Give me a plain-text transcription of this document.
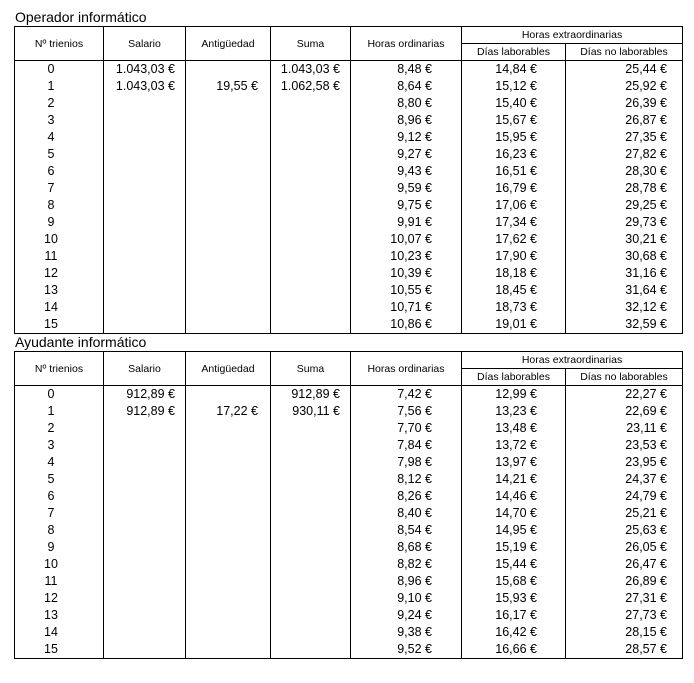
Operador informático
Nº trienios	Salario	Antigüedad	Suma	Horas ordinarias	Horas extraordinarias	
					Días laborables	Días no laborables
0	1.043,03 €		1.043,03 €	8,48 €	14,84 €	25,44 €
1	1.043,03 €	19,55 €	1.062,58 €	8,64 €	15,12 €	25,92 €
2				8,80 €	15,40 €	26,39 €
3				8,96 €	15,67 €	26,87 €
4				9,12 €	15,95 €	27,35 €
5				9,27 €	16,23 €	27,82 €
6				9,43 €	16,51 €	28,30 €
7				9,59 €	16,79 €	28,78 €
8				9,75 €	17,06 €	29,25 €
9				9,91 €	17,34 €	29,73 €
10				10,07 €	17,62 €	30,21 €
11				10,23 €	17,90 €	30,68 €
12				10,39 €	18,18 €	31,16 €
13				10,55 €	18,45 €	31,64 €
14				10,71 €	18,73 €	32,12 €
15				10,86 €	19,01 €	32,59 €
Ayudante informático
Nº trienios	Salario	Antigüedad	Suma	Horas ordinarias	Horas extraordinarias	
					Días laborables	Días no laborables
0	912,89 €		912,89 €	7,42 €	12,99 €	22,27 €
1	912,89 €	17,22 €	930,11 €	7,56 €	13,23 €	22,69 €
2				7,70 €	13,48 €	23,11 €
3				7,84 €	13,72 €	23,53 €
4				7,98 €	13,97 €	23,95 €
5				8,12 €	14,21 €	24,37 €
6				8,26 €	14,46 €	24,79 €
7				8,40 €	14,70 €	25,21 €
8				8,54 €	14,95 €	25,63 €
9				8,68 €	15,19 €	26,05 €
10				8,82 €	15,44 €	26,47 €
11				8,96 €	15,68 €	26,89 €
12				9,10 €	15,93 €	27,31 €
13				9,24 €	16,17 €	27,73 €
14				9,38 €	16,42 €	28,15 €
15				9,52 €	16,66 €	28,57 €
